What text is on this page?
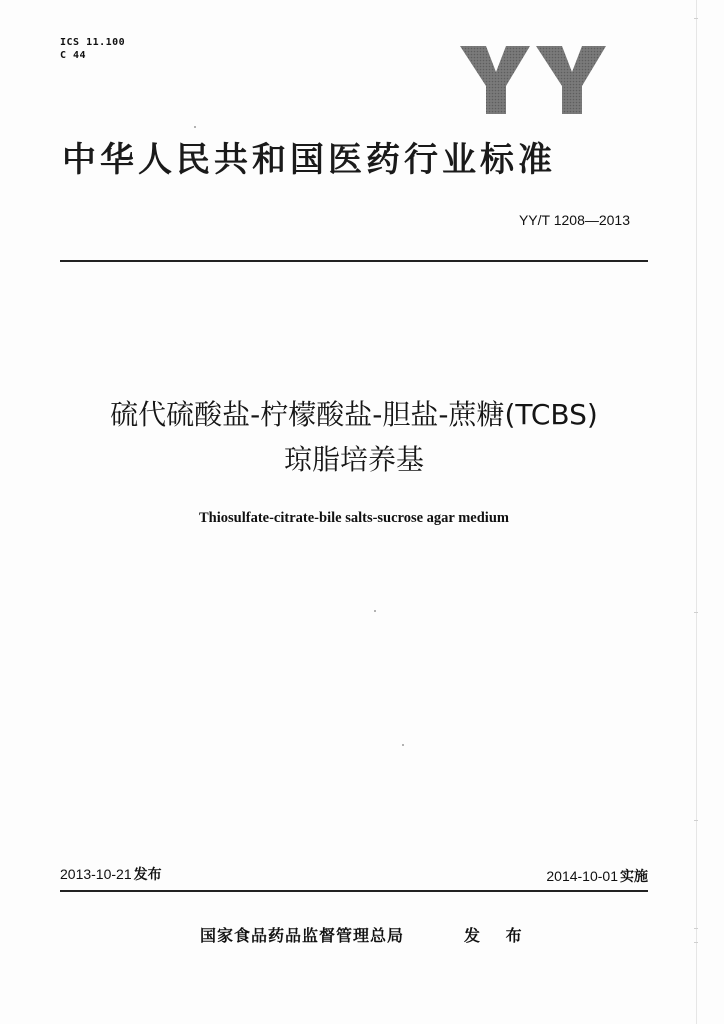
ICS 11.100
C 44
中华人民共和国医药行业标准
YY/T 1208—2013
硫代硫酸盐-柠檬酸盐-胆盐-蔗糖(TCBS)
琼脂培养基
Thiosulfate-citrate-bile salts-sucrose agar medium
2013-10-21 发布	2014-10-01 实施
国家食品药品监督管理总局	发 布
